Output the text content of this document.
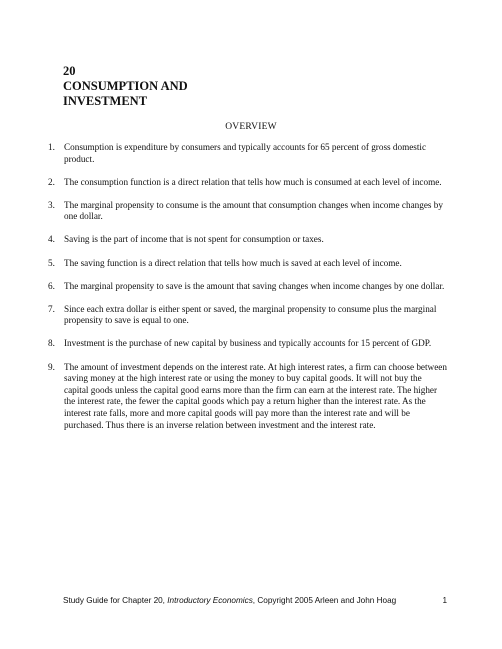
20
CONSUMPTION AND
INVESTMENT
OVERVIEW
1. Consumption is expenditure by consumers and typically accounts for 65 percent of gross domestic product.
2. The consumption function is a direct relation that tells how much is consumed at each level of income.
3. The marginal propensity to consume is the amount that consumption changes when income changes by one dollar.
4. Saving is the part of income that is not spent for consumption or taxes.
5. The saving function is a direct relation that tells how much is saved at each level of income.
6. The marginal propensity to save is the amount that saving changes when income changes by one dollar.
7. Since each extra dollar is either spent or saved, the marginal propensity to consume plus the marginal propensity to save is equal to one.
8. Investment is the purchase of new capital by business and typically accounts for 15 percent of GDP.
9. The amount of investment depends on the interest rate. At high interest rates, a firm can choose between saving money at the high interest rate or using the money to buy capital goods. It will not buy the capital goods unless the capital good earns more than the firm can earn at the interest rate. The higher the interest rate, the fewer the capital goods which pay a return higher than the interest rate. As the interest rate falls, more and more capital goods will pay more than the interest rate and will be purchased. Thus there is an inverse relation between investment and the interest rate.
Study Guide for Chapter 20, Introductory Economics, Copyright 2005 Arleen and John Hoag	1
